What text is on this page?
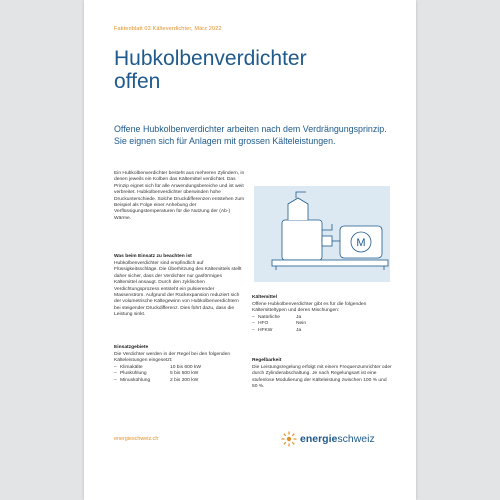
Faktenblatt 03 Kälteverdichter, März 2022
Hubkolbenverdichter
offen
Offene Hubkolbenverdichter arbeiten nach dem Verdrängungsprinzip. Sie eignen sich für Anlagen mit grossen Kälteleistungen.
Ein Hubkolbenverdichter besteht aus mehreren Zylindern, in denen jeweils ein Kolben das Kältemittel verdichtet. Das Prinzip eignet sich für alle Anwendungsbereiche und ist weit verbreitet. Hubkolbenverdichter überwinden hohe Druckunterschiede. Solche Druckdifferenzen entstehen zum Beispiel als Folge einer Anhebung der Verflüssigungstemperaturen für die Nutzung der (Ab-) Wärme.
Was beim Einsatz zu beachten ist
Hubkolbenverdichter sind empfindlich auf Flüssigkeitsschläge. Die Überhitzung des Kältemittels stellt daher sicher, dass der Verdichter nur gasförmiges Kältemittel ansaugt. Durch den zyklischen Verdichtungsprozess entsteht ein pulsierender Massenstrom. Aufgrund der Rückexpansion reduziert sich der volumetrische Kältegewinn von Hubkolbenverdichtern bei steigender Druckdifferenz. Dies führt dazu, dass die Leistung sinkt.
Einsatzgebiete
Die Verdichter werden in der Regel bei den folgenden Kälteleistungen eingesetzt:
– Klimakälte	10 bis 600 kW
– Pluskühlung	5 bis 500 kW
– Minuskühlung	2 bis 200 kW
M
Kältemittel
Offene Hubkolbenverdichter gibt es für die folgenden Kältemitteltypen und deren Mischungen:
– Natürliche	Ja
– HFO	Nein
– HFKW	Ja
Regelbarkeit
Die Leistungsregelung erfolgt mit einem Frequenzumrichter oder durch Zylinderabschaltung. Je nach Regelungsart ist eine stufenlose Modulierung der Kälteleistung zwischen 100 % und 50 %.
energieschweiz.ch	energieschweiz
